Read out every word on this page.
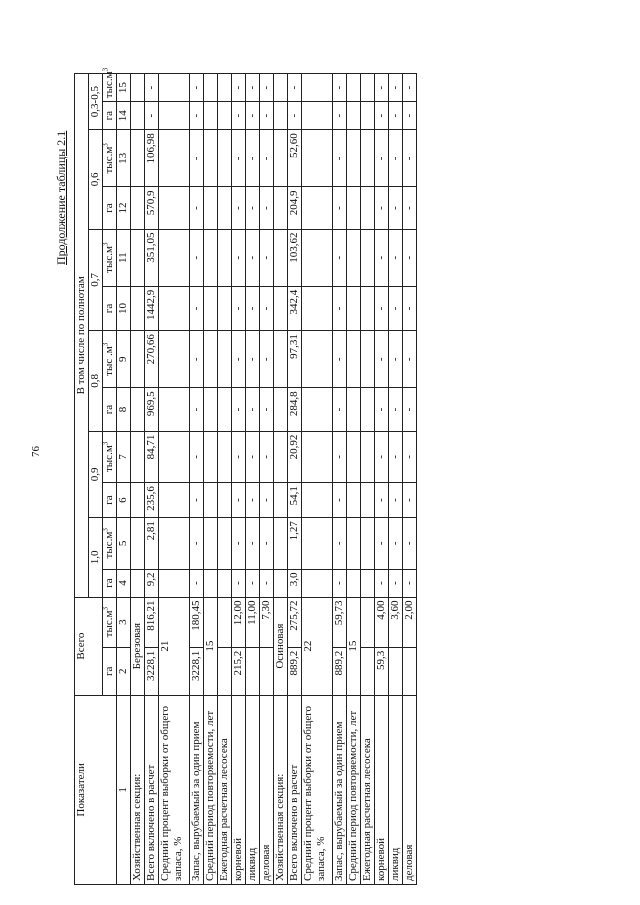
76
Продолжение таблицы 2.1
Показатели	Всего		В том числе по полнотам											
			1,0		0,9		0,8		0,7		0,6		0,3-0,5	
	га	$тыс.м^3$	га	$тыс.м^3$	га	$тыс.м^3$	га	тыс $.м^3$	га	$тыс.м^3$	га	$тыс.м^3$	га	$тыс.м^3$
1	2	3	4	5	6	7	8	9	10	11	12	13	14	15
Хозяйственная секция:	Березовая													
Всего включено в расчет	3228,1	816,21	9,2	2,81	235,6	84,71	969,5	270,66	1442,9	351,05	570,9	106,98	-	-
Средний процент выборки от общего запаса, %	21													
Запас, вырубаемый за один прием	3228,1	180,45	-	-	-	-	-	-	-	-	-	-	-	-
Средний период повторяемости, лет	15													
Ежегодная расчетная лесосека														
корневой	215,2	12,00	-	-	-	-	-	-	-	-	-	-	-	-
ликвид		11,00	-	-	-	-	-	-	-	-	-	-	-	-
деловая		7,30	-	-	-	-	-	-	-	-	-	-	-	-
Хозяйственная секция:	Осиновая													
Всего включено в расчет	889,2	275,72	3,0	1,27	54,1	20,92	284,8	97,31	342,4	103,62	204,9	52,60	-	-
Средний процент выборки от общего запаса, %	22													
Запас, вырубаемый за один прием	889,2	59,73	-	-	-	-	-	-	-	-	-	-	-	-
Средний период повторяемости, лет	15													
Ежегодная расчетная лесосека														
корневой	59,3	4,00	-	-	-	-	-	-	-	-	-	-	-	-
ликвид		3,60	-	-	-	-	-	-	-	-	-	-	-	-
деловая		2,00	-	-	-	-	-	-	-	-	-	-	-	-
